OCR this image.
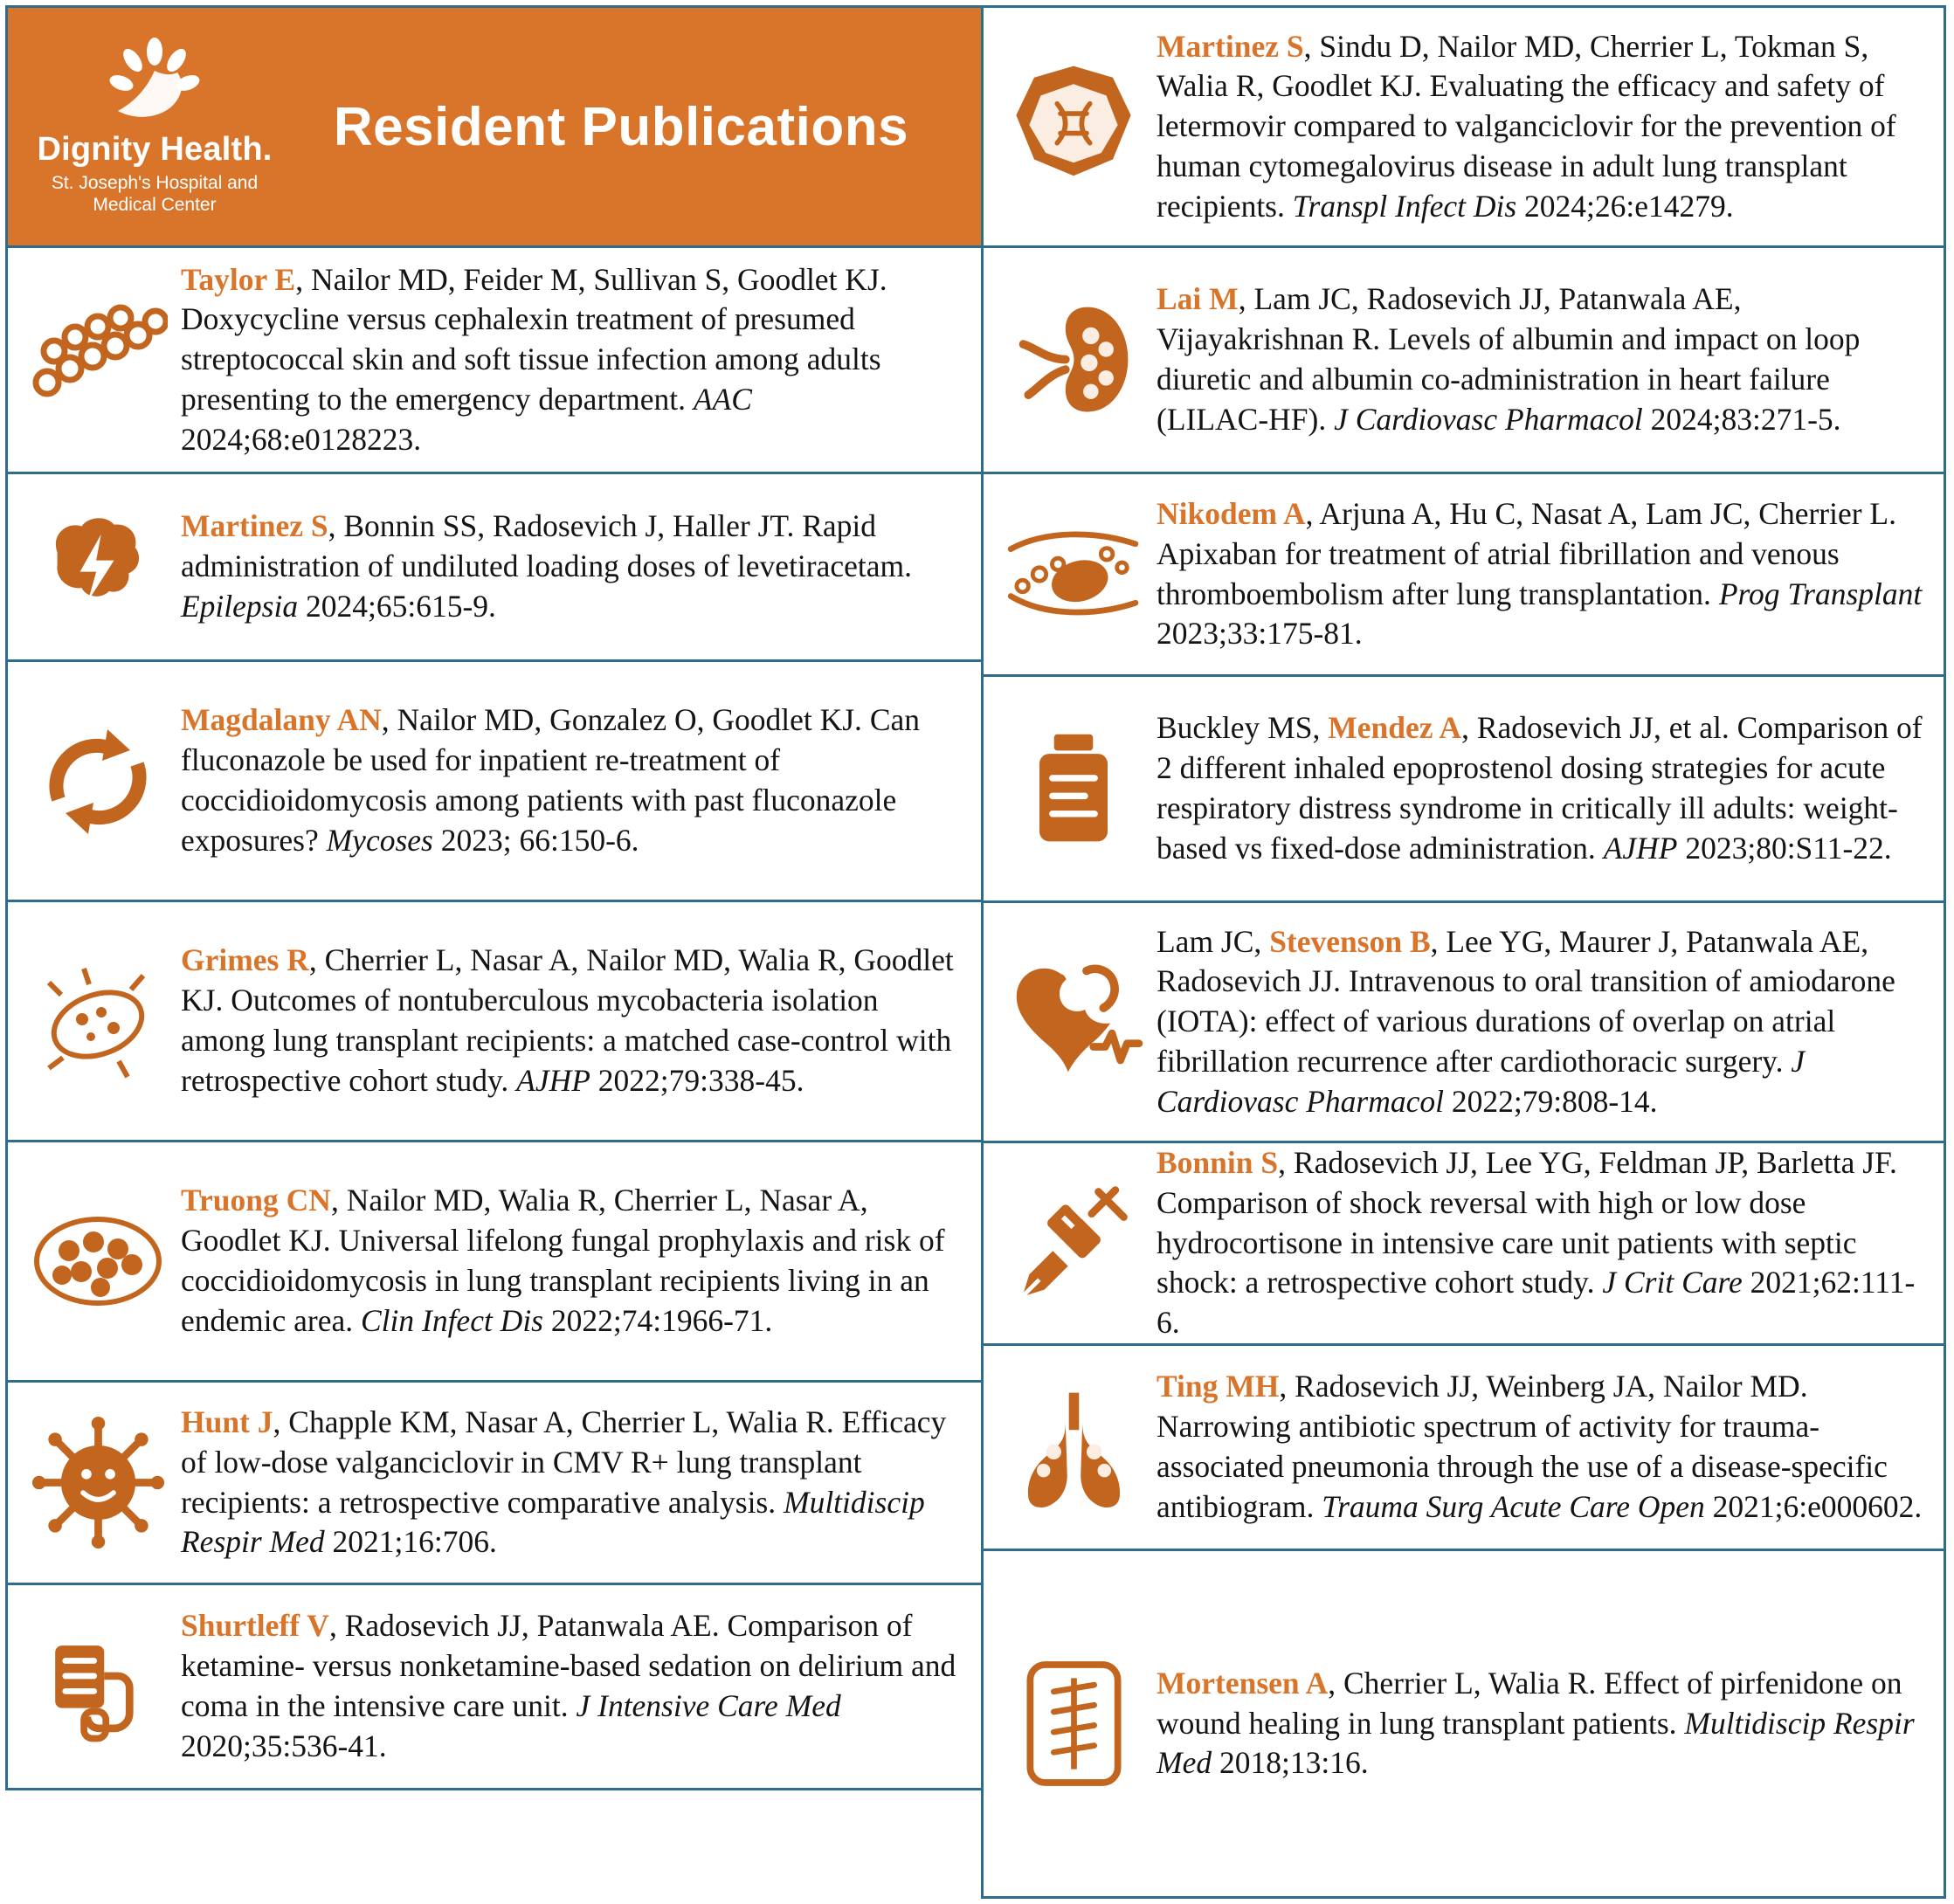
Dignity Health.
St. Joseph's Hospital and Medical Center
Resident Publications
Taylor E, Nailor MD, Feider M, Sullivan S, Goodlet KJ. Doxycycline versus cephalexin treatment of presumed streptococcal skin and soft tissue infection among adults presenting to the emergency department. AAC 2024;68:e0128223.
Martinez S, Bonnin SS, Radosevich J, Haller JT. Rapid administration of undiluted loading doses of levetiracetam. Epilepsia 2024;65:615-9.
Magdalany AN, Nailor MD, Gonzalez O, Goodlet KJ. Can fluconazole be used for inpatient re-treatment of coccidioidomycosis among patients with past fluconazole exposures? Mycoses 2023; 66:150-6.
Grimes R, Cherrier L, Nasar A, Nailor MD, Walia R, Goodlet KJ. Outcomes of nontuberculous mycobacteria isolation among lung transplant recipients: a matched case-control with retrospective cohort study. AJHP 2022;79:338-45.
Truong CN, Nailor MD, Walia R, Cherrier L, Nasar A, Goodlet KJ. Universal lifelong fungal prophylaxis and risk of coccidioidomycosis in lung transplant recipients living in an endemic area. Clin Infect Dis 2022;74:1966-71.
Hunt J, Chapple KM, Nasar A, Cherrier L, Walia R. Efficacy of low-dose valganciclovir in CMV R+ lung transplant recipients: a retrospective comparative analysis. Multidiscip Respir Med 2021;16:706.
Shurtleff V, Radosevich JJ, Patanwala AE. Comparison of ketamine- versus nonketamine-based sedation on delirium and coma in the intensive care unit. J Intensive Care Med 2020;35:536-41.
Martinez S, Sindu D, Nailor MD, Cherrier L, Tokman S, Walia R, Goodlet KJ. Evaluating the efficacy and safety of letermovir compared to valganciclovir for the prevention of human cytomegalovirus disease in adult lung transplant recipients. Transpl Infect Dis 2024;26:e14279.
Lai M, Lam JC, Radosevich JJ, Patanwala AE, Vijayakrishnan R. Levels of albumin and impact on loop diuretic and albumin co-administration in heart failure (LILAC-HF). J Cardiovasc Pharmacol 2024;83:271-5.
Nikodem A, Arjuna A, Hu C, Nasat A, Lam JC, Cherrier L. Apixaban for treatment of atrial fibrillation and venous thromboembolism after lung transplantation. Prog Transplant 2023;33:175-81.
Buckley MS, Mendez A, Radosevich JJ, et al. Comparison of 2 different inhaled epoprostenol dosing strategies for acute respiratory distress syndrome in critically ill adults: weight-based vs fixed-dose administration. AJHP 2023;80:S11-22.
Lam JC, Stevenson B, Lee YG, Maurer J, Patanwala AE, Radosevich JJ. Intravenous to oral transition of amiodarone (IOTA): effect of various durations of overlap on atrial fibrillation recurrence after cardiothoracic surgery. J Cardiovasc Pharmacol 2022;79:808-14.
Bonnin S, Radosevich JJ, Lee YG, Feldman JP, Barletta JF. Comparison of shock reversal with high or low dose hydrocortisone in intensive care unit patients with septic shock: a retrospective cohort study. J Crit Care 2021;62:111-6.
Ting MH, Radosevich JJ, Weinberg JA, Nailor MD. Narrowing antibiotic spectrum of activity for trauma-associated pneumonia through the use of a disease-specific antibiogram. Trauma Surg Acute Care Open 2021;6:e000602.
Mortensen A, Cherrier L, Walia R. Effect of pirfenidone on wound healing in lung transplant patients. Multidiscip Respir Med 2018;13:16.
